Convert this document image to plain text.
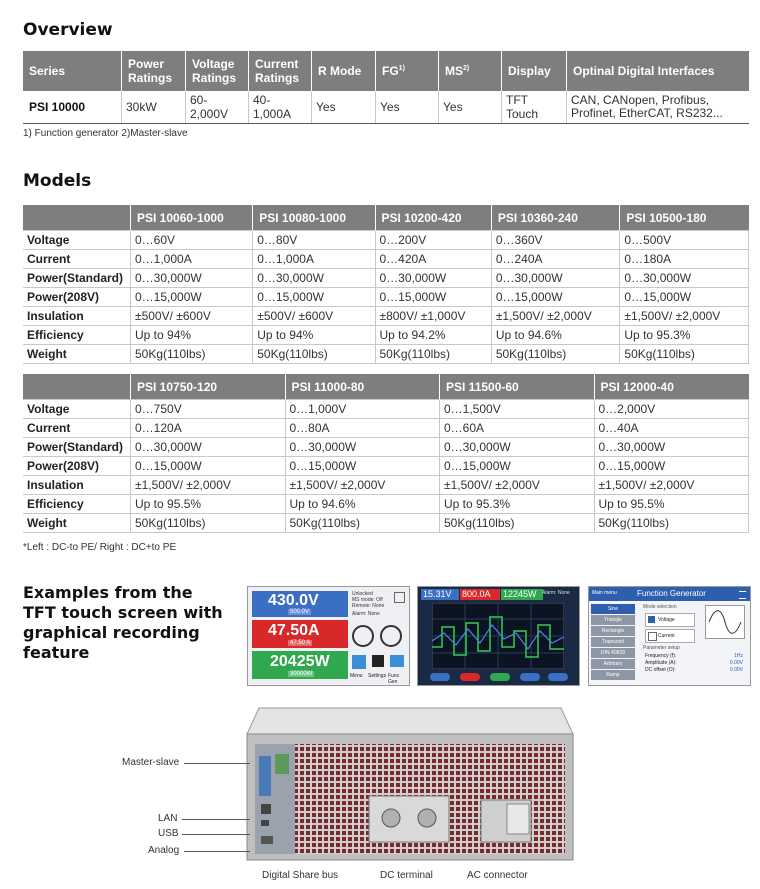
Overview
Series	Power Ratings	Voltage Ratings	Current Ratings	R Mode	FG$^{1)}$	MS$^{2)}$	Display	Optinal Digital Interfaces
PSI 10000	30kW	60-2,000V	40-1,000A	Yes	Yes	Yes	TFT Touch	CAN, CANopen, Profibus, Profinet, EtherCAT, RS232...
1) Function generator 2)Master-slave
Models
	PSI 10060-1000	PSI 10080-1000	PSI 10200-420	PSI 10360-240	PSI 10500-180
Voltage	0…60V	0…80V	0…200V	0…360V	0…500V
Current	0…1,000A	0…1,000A	0…420A	0…240A	0…180A
Power(Standard)	0…30,000W	0…30,000W	0…30,000W	0…30,000W	0…30,000W
Power(208V)	0…15,000W	0…15,000W	0…15,000W	0…15,000W	0…15,000W
Insulation	±500V/ ±600V	±500V/ ±600V	±800V/ ±1,000V	±1,500V/ ±2,000V	±1,500V/ ±2,000V
Efficiency	Up to 94%	Up to 94%	Up to 94.2%	Up to 94.6%	Up to 95.3%
Weight	50Kg(110lbs)	50Kg(110lbs)	50Kg(110lbs)	50Kg(110lbs)	50Kg(110lbs)
	PSI 10750-120	PSI 11000-80	PSI 11500-60	PSI 12000-40
Voltage	0…750V	0…1,000V	0…1,500V	0…2,000V
Current	0…120A	0…80A	0…60A	0…40A
Power(Standard)	0…30,000W	0…30,000W	0…30,000W	0…30,000W
Power(208V)	0…15,000W	0…15,000W	0…15,000W	0…15,000W
Insulation	±1,500V/ ±2,000V	±1,500V/ ±2,000V	±1,500V/ ±2,000V	±1,500V/ ±2,000V
Efficiency	Up to 95.5%	Up to 94.6%	Up to 95.3%	Up to 95.5%
Weight	50Kg(110lbs)	50Kg(110lbs)	50Kg(110lbs)	50Kg(110lbs)
*Left : DC-to PE/ Right : DC+to PE
Examples from the TFT touch screen with graphical recording feature
430.0V
500.0V
47.50A
47.50 A
20425W
30000W
Unlocked
MS mode: Off
Remote: None
Alarm: None
Menu Settings Func Gen
15.31V	800.0A	12245W	Alarm: None	Main menu	Function Generator
Sine
Triangle
Rectangle
Trapezoid
DIN 40839
Arbitrary
Ramp
Mode selection
Voltage
Current
Parameter setup
Frequency (f):	1Hz
Amplitude (A):	0.00V
DC offset (O):	0.00V
Master-slave
LAN
USB
Analog
Digital Share bus	DC terminal	AC connector
